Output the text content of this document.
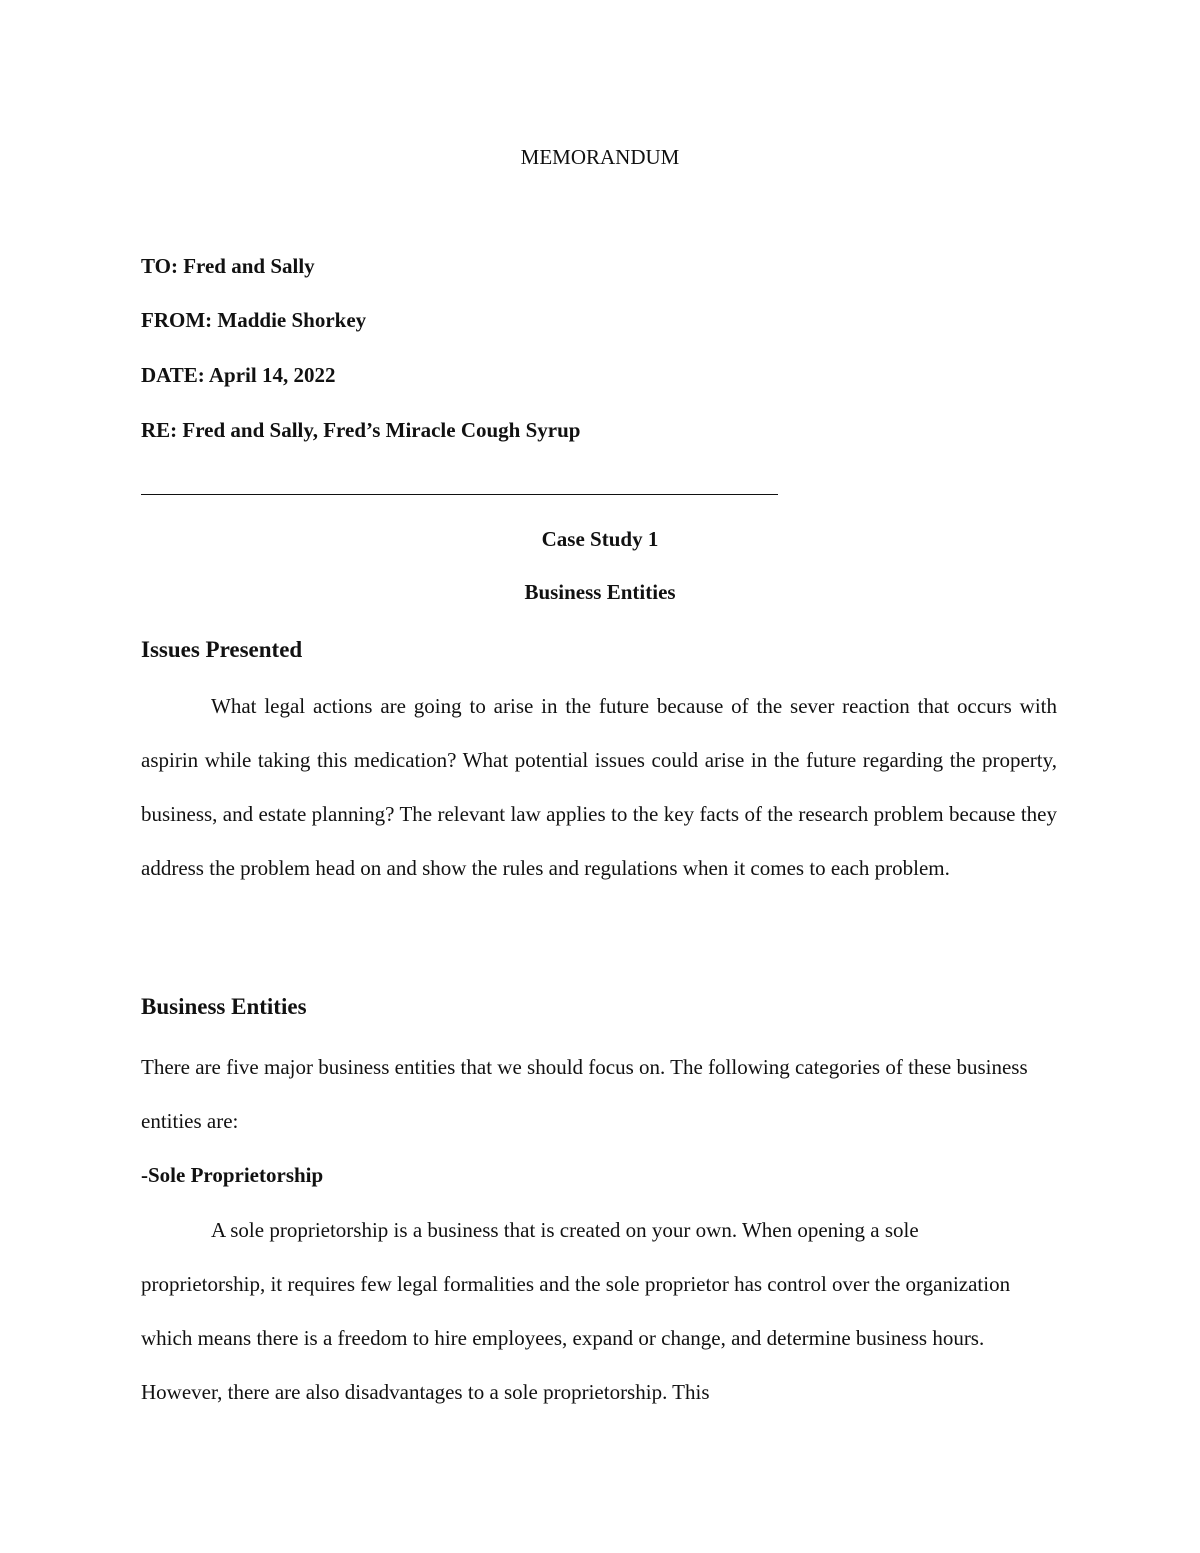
MEMORANDUM
TO: Fred and Sally
FROM: Maddie Shorkey
DATE: April 14, 2022
RE: Fred and Sally, Fred’s Miracle Cough Syrup
Case Study 1
Business Entities
Issues Presented

What legal actions are going to arise in the future because of the sever reaction that occurs with aspirin while taking this medication? What potential issues could arise in the future regarding the property, business, and estate planning? The relevant law applies to the key facts of the research problem because they address the problem head on and show the rules and regulations when it comes to each problem.

Business Entities

There are five major business entities that we should focus on. The following categories of these business entities are:

-Sole Proprietorship

A sole proprietorship is a business that is created on your own. When opening a sole proprietorship, it requires few legal formalities and the sole proprietor has control over the organization which means there is a freedom to hire employees, expand or change, and determine business hours. However, there are also disadvantages to a sole proprietorship. This
